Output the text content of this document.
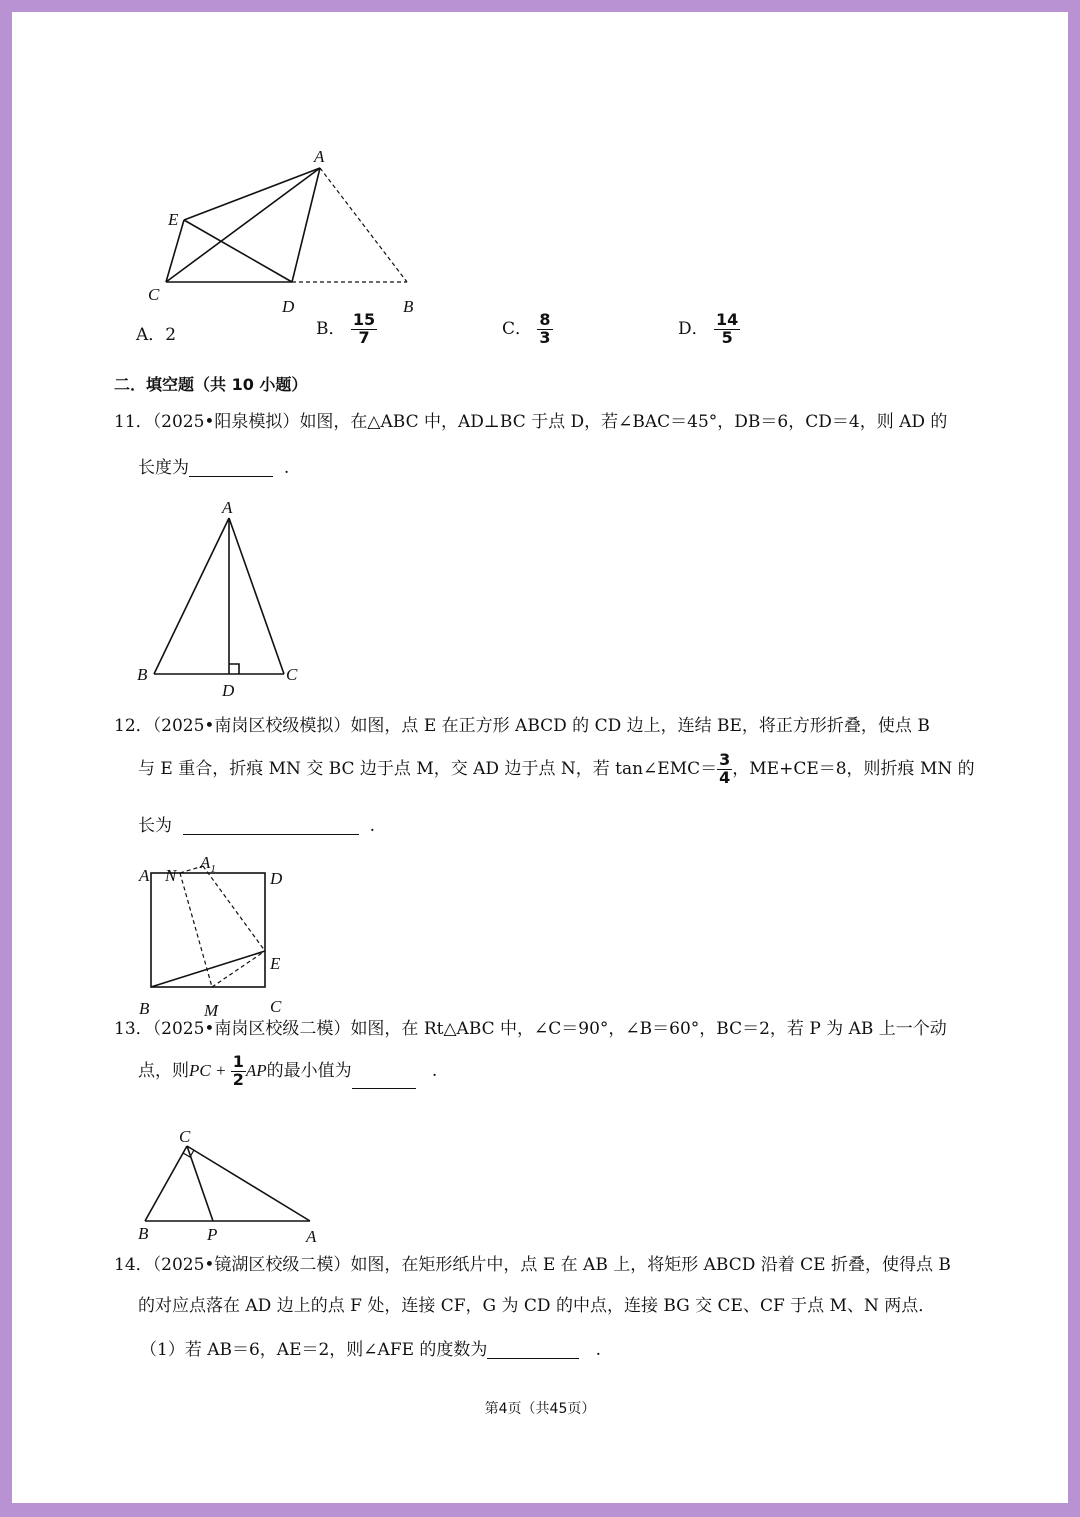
A
E
C
D	B
A．2	B． $\frac{15}{7}$	C． $\frac{8}{3}$	D． $\frac{14}{5}$
二．填空题（共 10 小题）
11．（2025•阳泉模拟）如图，在△ABC 中，AD⊥BC 于点 D，若∠BAC＝45°，DB＝6，CD＝4，则 AD 的
长度为	.
A
B	C
D
12．（2025•南岗区校级模拟）如图，点 E 在正方形 ABCD 的 CD 边上，连结 BE，将正方形折叠，使点 B
与 E 重合，折痕 MN 交 BC 边于点 M，交 AD 边于点 N，若 tan∠EMC＝ $\frac{3}{4}$ ，ME+CE＝8，则折痕 MN 的
长为	.
A N
$A_1$	D
E
B	M	C
13．（2025•南岗区校级二模）如图，在 Rt△ABC 中，∠C＝90°，∠B＝60°，BC＝2，若 P 为 AB 上一个动
点，则PC + $\frac{1}{2}$ AP的最小值为	.
C
B	P	A
14．（2025•镜湖区校级二模）如图，在矩形纸片中，点 E 在 AB 上，将矩形 ABCD 沿着 CE 折叠，使得点 B
的对应点落在 AD 边上的点 F 处，连接 CF，G 为 CD 的中点，连接 BG 交 CE、CF 于点 M、N 两点．
（1）若 AB＝6，AE＝2，则∠AFE 的度数为	.
第4页（共45页）
